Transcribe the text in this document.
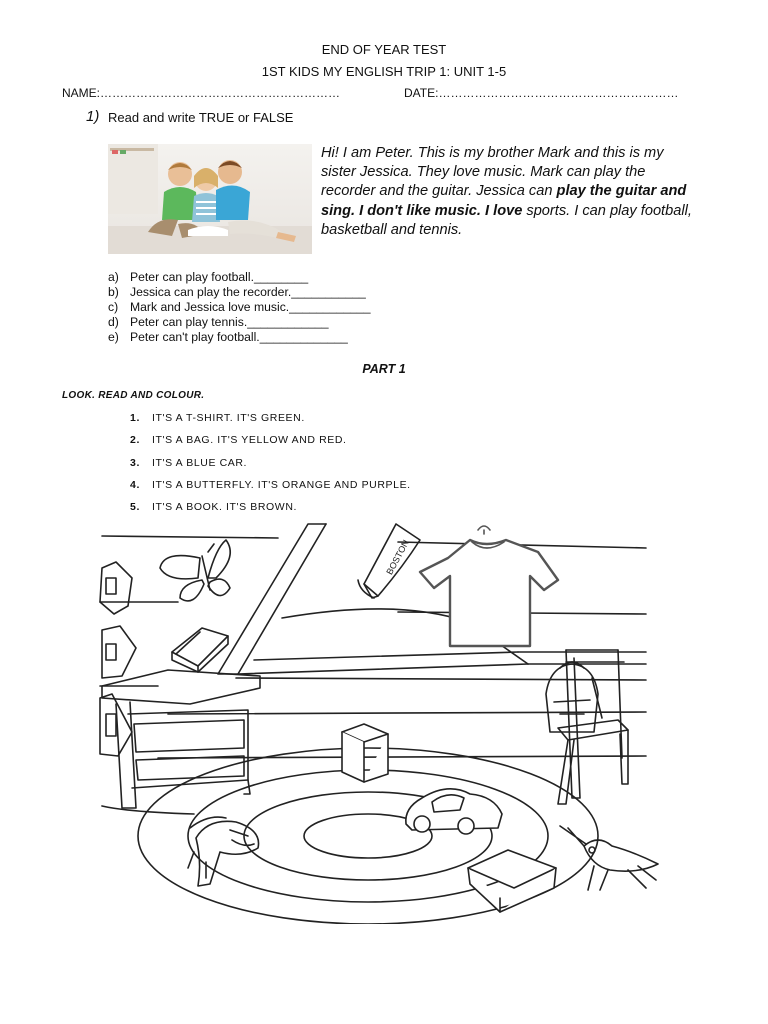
END OF YEAR TEST
1ST KIDS MY ENGLISH TRIP 1: UNIT 1-5
NAME:……………………………………………………	DATE:……………………………………………………
1) Read and write TRUE or FALSE
Hi! I am Peter. This is my brother Mark and this is my sister Jessica. They love music. Mark can play the recorder and the guitar. Jessica can play the guitar and sing. I don't like music. I love sports. I can play football, basketball and tennis.
a) Peter can play football.________
b) Jessica can play the recorder.___________
c) Mark and Jessica love music.____________
d) Peter can play tennis.____________
e) Peter can't play football._____________
PART 1
LOOK. READ AND COLOUR.
1. IT'S A T-SHIRT. IT'S GREEN.
2. IT'S A BAG. IT'S YELLOW AND RED.
3. IT'S A BLUE CAR.
4. IT'S A BUTTERFLY. IT'S ORANGE AND PURPLE.
5. IT'S A BOOK. IT'S BROWN.
BOSTON
